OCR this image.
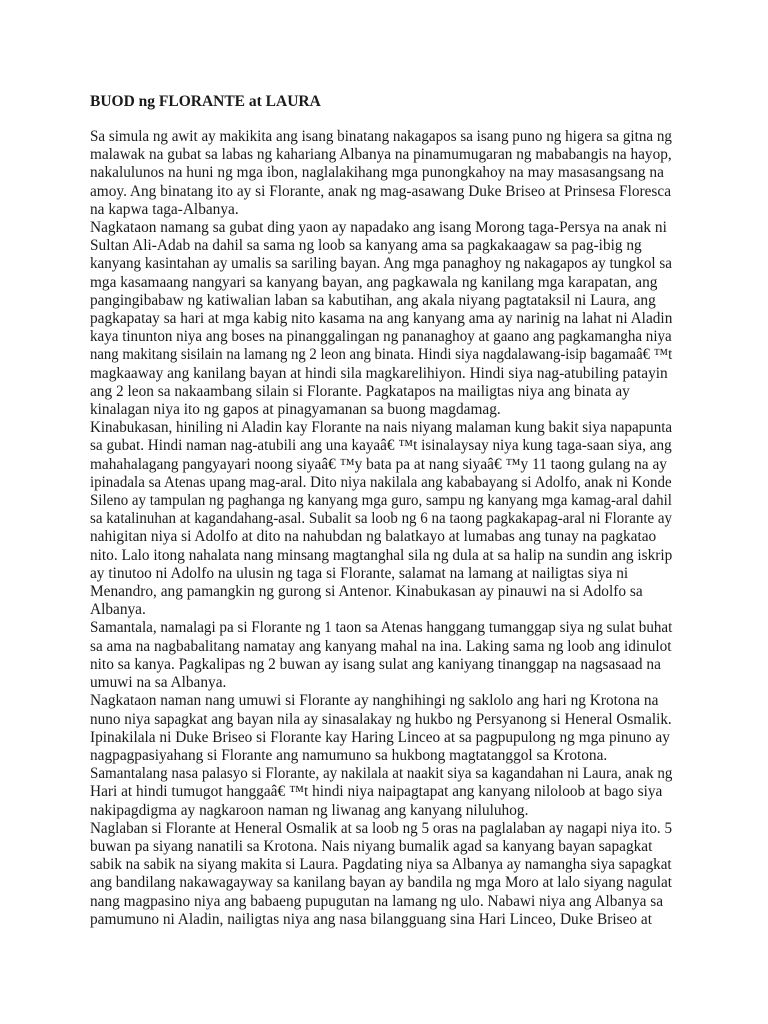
BUOD ng FLORANTE at LAURA
Sa simula ng awit ay makikita ang isang binatang nakagapos sa isang puno ng higera sa gitna ng
malawak na gubat sa labas ng kahariang Albanya na pinamumugaran ng mababangis na hayop,
nakalulunos na huni ng mga ibon, naglalakihang mga punongkahoy na may masasangsang na
amoy. Ang binatang ito ay si Florante, anak ng mag-asawang Duke Briseo at Prinsesa Floresca
na kapwa taga-Albanya.
Nagkataon namang sa gubat ding yaon ay napadako ang isang Morong taga-Persya na anak ni
Sultan Ali-Adab na dahil sa sama ng loob sa kanyang ama sa pagkakaagaw sa pag-ibig ng
kanyang kasintahan ay umalis sa sariling bayan. Ang mga panaghoy ng nakagapos ay tungkol sa
mga kasamaang nangyari sa kanyang bayan, ang pagkawala ng kanilang mga karapatan, ang
pangingibabaw ng katiwalian laban sa kabutihan, ang akala niyang pagtataksil ni Laura, ang
pagkapatay sa hari at mga kabig nito kasama na ang kanyang ama ay narinig na lahat ni Aladin
kaya tinunton niya ang boses na pinanggalingan ng pananaghoy at gaano ang pagkamangha niya
nang makitang sisilain na lamang ng 2 leon ang binata. Hindi siya nagdalawang-isip bagamaâ€ ™t
magkaaway ang kanilang bayan at hindi sila magkarelihiyon. Hindi siya nag-atubiling patayin
ang 2 leon sa nakaambang silain si Florante. Pagkatapos na mailigtas niya ang binata ay
kinalagan niya ito ng gapos at pinagyamanan sa buong magdamag.
Kinabukasan, hiniling ni Aladin kay Florante na nais niyang malaman kung bakit siya napapunta
sa gubat. Hindi naman nag-atubili ang una kayaâ€ ™t isinalaysay niya kung taga-saan siya, ang
mahahalagang pangyayari noong siyaâ€ ™y bata pa at nang siyaâ€ ™y 11 taong gulang na ay
ipinadala sa Atenas upang mag-aral. Dito niya nakilala ang kababayang si Adolfo, anak ni Konde
Sileno ay tampulan ng paghanga ng kanyang mga guro, sampu ng kanyang mga kamag-aral dahil
sa katalinuhan at kagandahang-asal. Subalit sa loob ng 6 na taong pagkakapag-aral ni Florante ay
nahigitan niya si Adolfo at dito na nahubdan ng balatkayo at lumabas ang tunay na pagkatao
nito. Lalo itong nahalata nang minsang magtanghal sila ng dula at sa halip na sundin ang iskrip
ay tinutoo ni Adolfo na ulusin ng taga si Florante, salamat na lamang at nailigtas siya ni
Menandro, ang pamangkin ng gurong si Antenor. Kinabukasan ay pinauwi na si Adolfo sa
Albanya.
Samantala, namalagi pa si Florante ng 1 taon sa Atenas hanggang tumanggap siya ng sulat buhat
sa ama na nagbabalitang namatay ang kanyang mahal na ina. Laking sama ng loob ang idinulot
nito sa kanya. Pagkalipas ng 2 buwan ay isang sulat ang kaniyang tinanggap na nagsasaad na
umuwi na sa Albanya.
Nagkataon naman nang umuwi si Florante ay nanghihingi ng saklolo ang hari ng Krotona na
nuno niya sapagkat ang bayan nila ay sinasalakay ng hukbo ng Persyanong si Heneral Osmalik.
Ipinakilala ni Duke Briseo si Florante kay Haring Linceo at sa pagpupulong ng mga pinuno ay
nagpagpasiyahang si Florante ang namumuno sa hukbong magtatanggol sa Krotona.
Samantalang nasa palasyo si Florante, ay nakilala at naakit siya sa kagandahan ni Laura, anak ng
Hari at hindi tumugot hanggaâ€ ™t hindi niya naipagtapat ang kanyang niloloob at bago siya
nakipagdigma ay nagkaroon naman ng liwanag ang kanyang niluluhog.
Naglaban si Florante at Heneral Osmalik at sa loob ng 5 oras na paglalaban ay nagapi niya ito. 5
buwan pa siyang nanatili sa Krotona. Nais niyang bumalik agad sa kanyang bayan sapagkat
sabik na sabik na siyang makita si Laura. Pagdating niya sa Albanya ay namangha siya sapagkat
ang bandilang nakawagayway sa kanilang bayan ay bandila ng mga Moro at lalo siyang nagulat
nang magpasino niya ang babaeng pupugutan na lamang ng ulo. Nabawi niya ang Albanya sa
pamumuno ni Aladin, nailigtas niya ang nasa bilangguang sina Hari Linceo, Duke Briseo at
